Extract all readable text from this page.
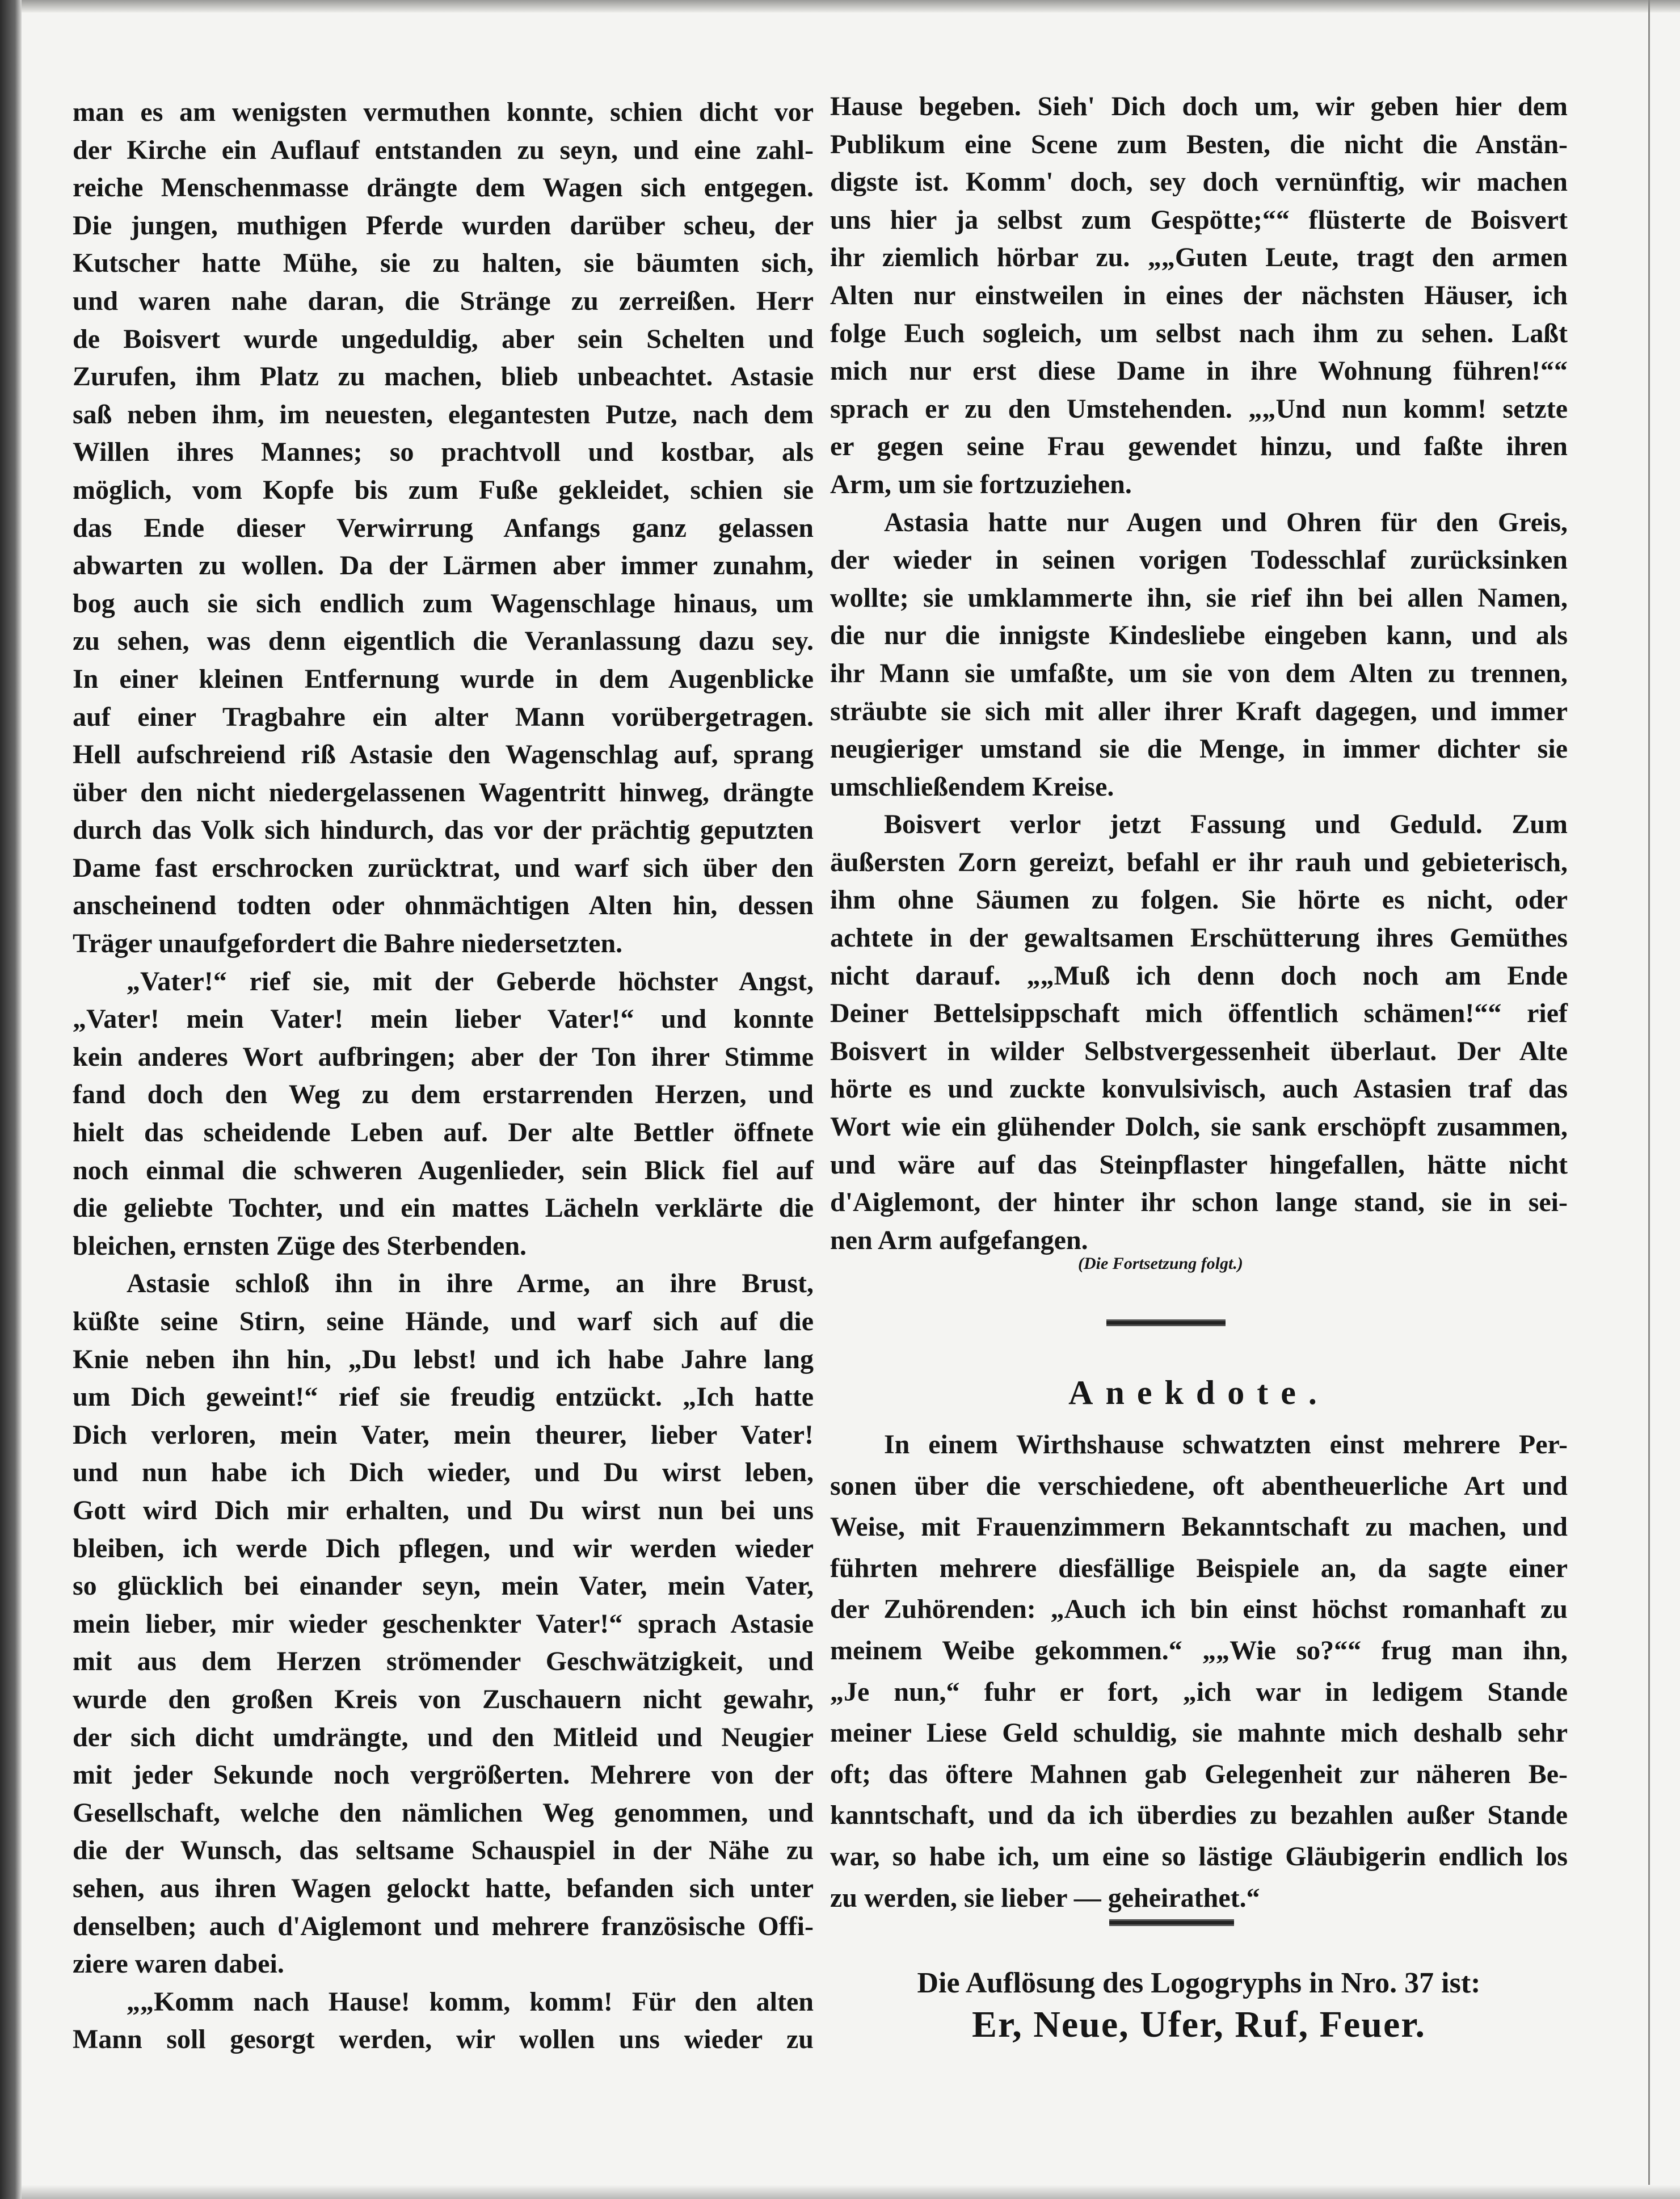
man es am wenigsten vermuthen konnte, schien dicht vor
der Kirche ein Auflauf entstanden zu seyn, und eine zahl-
reiche Menschenmasse drängte dem Wagen sich entgegen.
Die jungen, muthigen Pferde wurden darüber scheu, der
Kutscher hatte Mühe, sie zu halten, sie bäumten sich,
und waren nahe daran, die Stränge zu zerreißen. Herr
de Boisvert wurde ungeduldig, aber sein Schelten und
Zurufen, ihm Platz zu machen, blieb unbeachtet. Astasie
saß neben ihm, im neuesten, elegantesten Putze, nach dem
Willen ihres Mannes; so prachtvoll und kostbar, als
möglich, vom Kopfe bis zum Fuße gekleidet, schien sie
das Ende dieser Verwirrung Anfangs ganz gelassen
abwarten zu wollen. Da der Lärmen aber immer zunahm,
bog auch sie sich endlich zum Wagenschlage hinaus, um
zu sehen, was denn eigentlich die Veranlassung dazu sey.
In einer kleinen Entfernung wurde in dem Augenblicke
auf einer Tragbahre ein alter Mann vorübergetragen.
Hell aufschreiend riß Astasie den Wagenschlag auf, sprang
über den nicht niedergelassenen Wagentritt hinweg, drängte
durch das Volk sich hindurch, das vor der prächtig geputzten
Dame fast erschrocken zurücktrat, und warf sich über den
anscheinend todten oder ohnmächtigen Alten hin, dessen
Träger unaufgefordert die Bahre niedersetzten.
„Vater!“ rief sie, mit der Geberde höchster Angst,
„Vater! mein Vater! mein lieber Vater!“ und konnte
kein anderes Wort aufbringen; aber der Ton ihrer Stimme
fand doch den Weg zu dem erstarrenden Herzen, und
hielt das scheidende Leben auf. Der alte Bettler öffnete
noch einmal die schweren Augenlieder, sein Blick fiel auf
die geliebte Tochter, und ein mattes Lächeln verklärte die
bleichen, ernsten Züge des Sterbenden.
Astasie schloß ihn in ihre Arme, an ihre Brust,
küßte seine Stirn, seine Hände, und warf sich auf die
Knie neben ihn hin, „Du lebst! und ich habe Jahre lang
um Dich geweint!“ rief sie freudig entzückt. „Ich hatte
Dich verloren, mein Vater, mein theurer, lieber Vater!
und nun habe ich Dich wieder, und Du wirst leben,
Gott wird Dich mir erhalten, und Du wirst nun bei uns
bleiben, ich werde Dich pflegen, und wir werden wieder
so glücklich bei einander seyn, mein Vater, mein Vater,
mein lieber, mir wieder geschenkter Vater!“ sprach Astasie
mit aus dem Herzen strömender Geschwätzigkeit, und
wurde den großen Kreis von Zuschauern nicht gewahr,
der sich dicht umdrängte, und den Mitleid und Neugier
mit jeder Sekunde noch vergrößerten. Mehrere von der
Gesellschaft, welche den nämlichen Weg genommen, und
die der Wunsch, das seltsame Schauspiel in der Nähe zu
sehen, aus ihren Wagen gelockt hatte, befanden sich unter
denselben; auch d'Aiglemont und mehrere französische Offi-
ziere waren dabei.
„„Komm nach Hause! komm, komm! Für den alten
Mann soll gesorgt werden, wir wollen uns wieder zu
Hause begeben. Sieh' Dich doch um, wir geben hier dem
Publikum eine Scene zum Besten, die nicht die Anstän-
digste ist. Komm' doch, sey doch vernünftig, wir machen
uns hier ja selbst zum Gespötte;““ flüsterte de Boisvert
ihr ziemlich hörbar zu. „„Guten Leute, tragt den armen
Alten nur einstweilen in eines der nächsten Häuser, ich
folge Euch sogleich, um selbst nach ihm zu sehen. Laßt
mich nur erst diese Dame in ihre Wohnung führen!““
sprach er zu den Umstehenden. „„Und nun komm! setzte
er gegen seine Frau gewendet hinzu, und faßte ihren
Arm, um sie fortzuziehen.
Astasia hatte nur Augen und Ohren für den Greis,
der wieder in seinen vorigen Todesschlaf zurücksinken
wollte; sie umklammerte ihn, sie rief ihn bei allen Namen,
die nur die innigste Kindesliebe eingeben kann, und als
ihr Mann sie umfaßte, um sie von dem Alten zu trennen,
sträubte sie sich mit aller ihrer Kraft dagegen, und immer
neugieriger umstand sie die Menge, in immer dichter sie
umschließendem Kreise.
Boisvert verlor jetzt Fassung und Geduld. Zum
äußersten Zorn gereizt, befahl er ihr rauh und gebieterisch,
ihm ohne Säumen zu folgen. Sie hörte es nicht, oder
achtete in der gewaltsamen Erschütterung ihres Gemüthes
nicht darauf. „„Muß ich denn doch noch am Ende
Deiner Bettelsippschaft mich öffentlich schämen!““ rief
Boisvert in wilder Selbstvergessenheit überlaut. Der Alte
hörte es und zuckte konvulsivisch, auch Astasien traf das
Wort wie ein glühender Dolch, sie sank erschöpft zusammen,
und wäre auf das Steinpflaster hingefallen, hätte nicht
d'Aiglemont, der hinter ihr schon lange stand, sie in sei-
nen Arm aufgefangen.
(Die Fortsetzung folgt.)
Anekdote.
In einem Wirthshause schwatzten einst mehrere Per-
sonen über die verschiedene, oft abentheuerliche Art und
Weise, mit Frauenzimmern Bekanntschaft zu machen, und
führten mehrere diesfällige Beispiele an, da sagte einer
der Zuhörenden: „Auch ich bin einst höchst romanhaft zu
meinem Weibe gekommen.“ „„Wie so?““ frug man ihn,
„Je nun,“ fuhr er fort, „ich war in ledigem Stande
meiner Liese Geld schuldig, sie mahnte mich deshalb sehr
oft; das öftere Mahnen gab Gelegenheit zur näheren Be-
kanntschaft, und da ich überdies zu bezahlen außer Stande
war, so habe ich, um eine so lästige Gläubigerin endlich los
zu werden, sie lieber — geheirathet.“
Die Auflösung des Logogryphs in Nro. 37 ist:
Er, Neue, Ufer, Ruf, Feuer.
